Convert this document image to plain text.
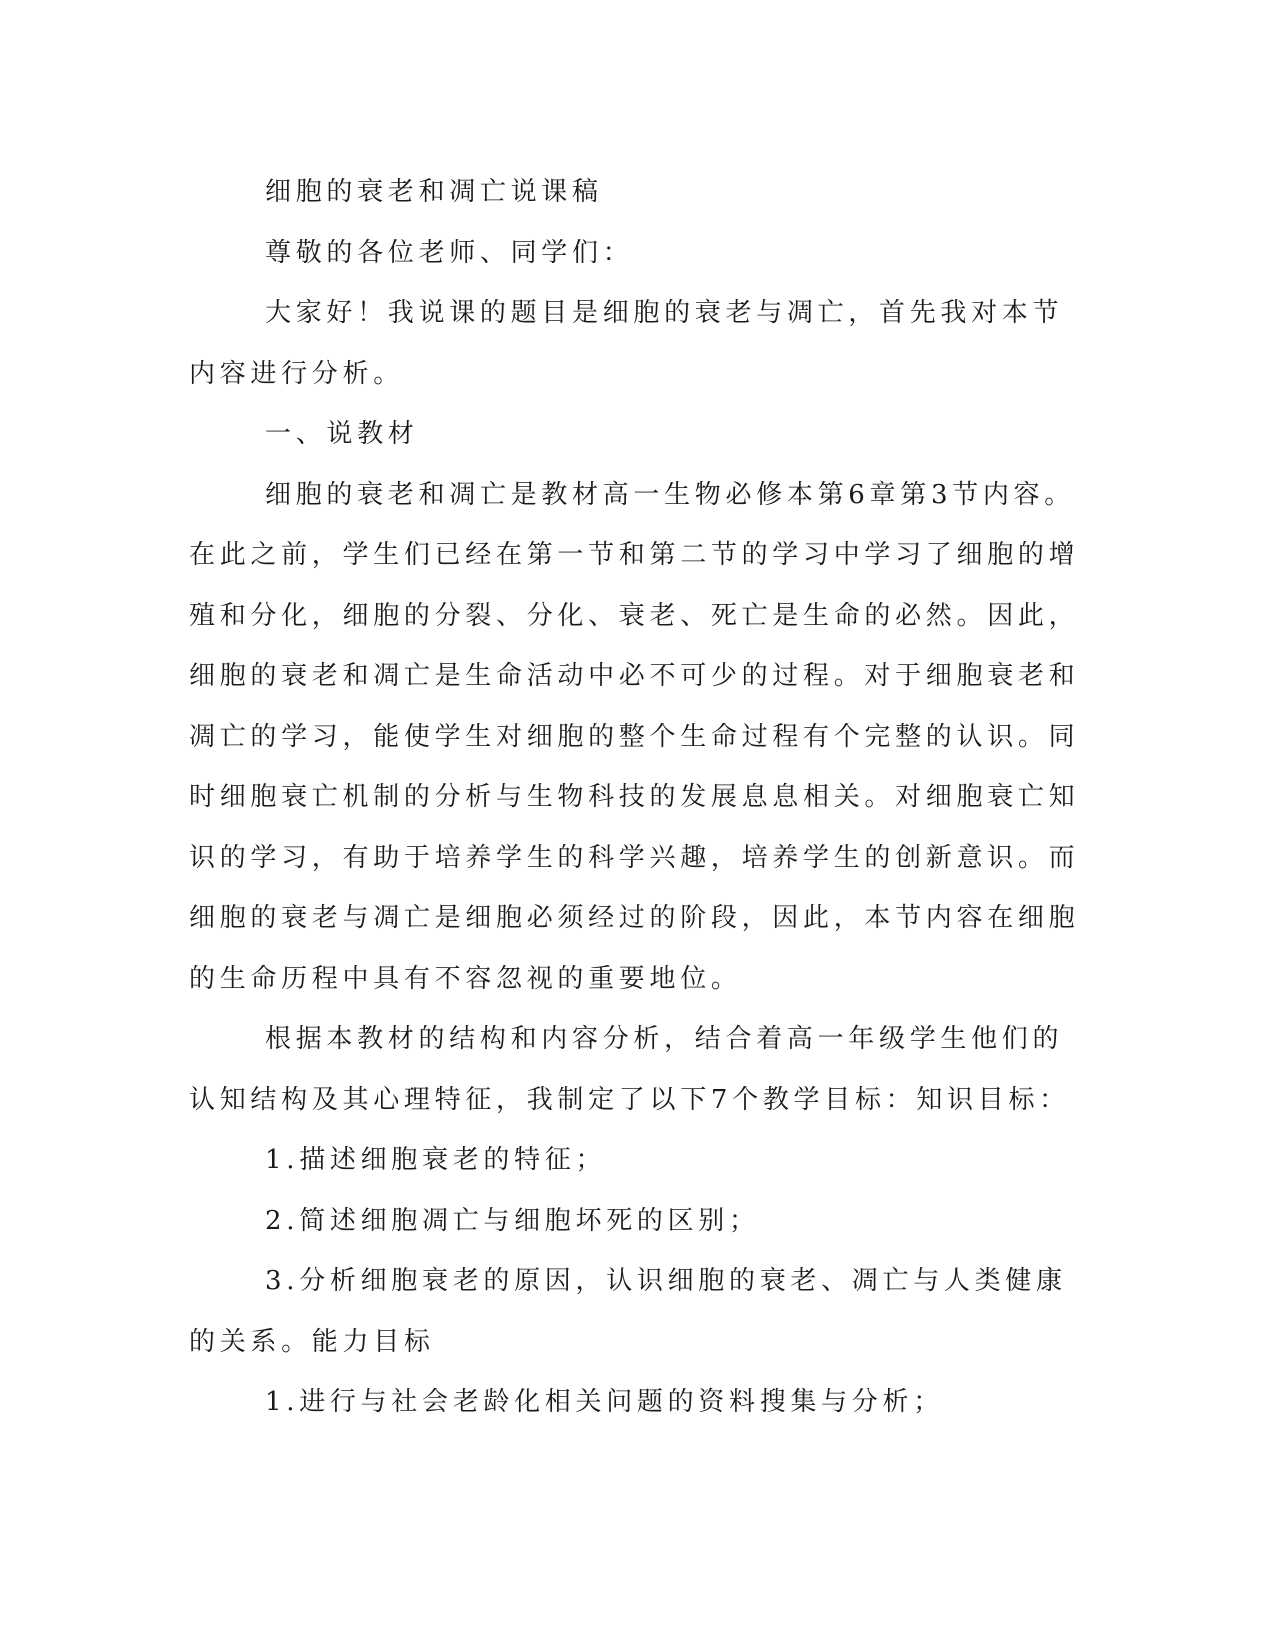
细胞的衰老和凋亡说课稿

尊敬的各位老师、同学们：

大家好！我说课的题目是细胞的衰老与凋亡，首先我对本节内容进行分析。

一、说教材

细胞的衰老和凋亡是教材高一生物必修本第6章第3节内容。在此之前，学生们已经在第一节和第二节的学习中学习了细胞的增殖和分化，细胞的分裂、分化、衰老、死亡是生命的必然。因此，细胞的衰老和凋亡是生命活动中必不可少的过程。对于细胞衰老和凋亡的学习，能使学生对细胞的整个生命过程有个完整的认识。同时细胞衰亡机制的分析与生物科技的发展息息相关。对细胞衰亡知识的学习，有助于培养学生的科学兴趣，培养学生的创新意识。而细胞的衰老与凋亡是细胞必须经过的阶段，因此，本节内容在细胞的生命历程中具有不容忽视的重要地位。

根据本教材的结构和内容分析，结合着高一年级学生他们的认知结构及其心理特征，我制定了以下7个教学目标：知识目标：

1.描述细胞衰老的特征；

2.简述细胞凋亡与细胞坏死的区别；

3.分析细胞衰老的原因，认识细胞的衰老、凋亡与人类健康的关系。能力目标

1.进行与社会老龄化相关问题的资料搜集与分析；
